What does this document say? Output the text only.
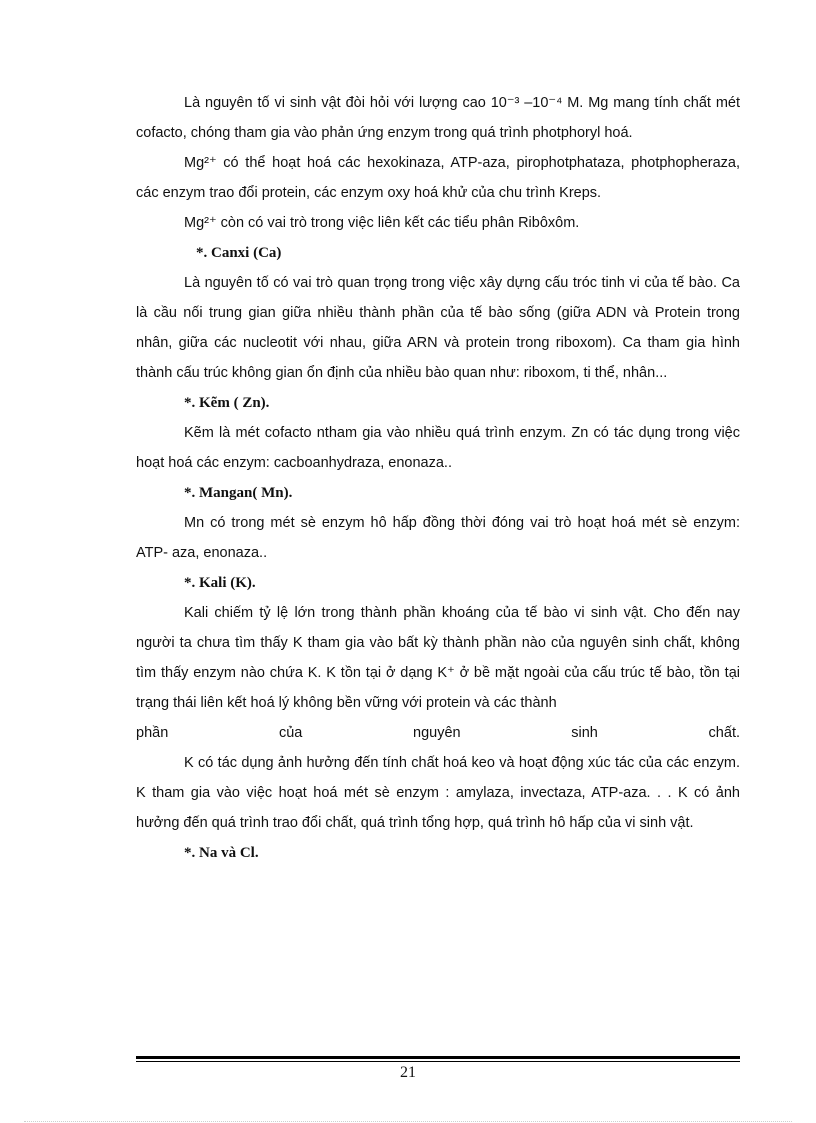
Là nguyên tố vi sinh vật đòi hỏi với lượng cao 10⁻³ –10⁻⁴ M. Mg mang tính chất mét cofacto, chóng tham gia vào phản ứng enzym trong quá trình photphoryl hoá.

Mg²⁺ có thể hoạt hoá các hexokinaza, ATP-aza, pirophotphataza, photphopheraza, các enzym trao đổi protein, các enzym oxy hoá khử của chu trình Kreps.

Mg²⁺ còn có vai trò trong việc liên kết các tiểu phân Ribôxôm.

*. Canxi (Ca)

Là nguyên tố có vai trò quan trọng trong việc xây dựng cấu tróc tinh vi của tế bào. Ca là cầu nối trung gian giữa nhiều thành phần của tế bào sống (giữa ADN và Protein trong nhân, giữa các nucleotit với nhau, giữa ARN và protein trong riboxom). Ca tham gia hình thành cấu trúc không gian ổn định của nhiều bào quan như: riboxom, ti thể, nhân...

*. Kẽm ( Zn).

Kẽm là mét cofacto ntham gia vào nhiều quá trình enzym. Zn có tác dụng trong việc hoạt hoá các enzym: cacboanhydraza, enonaza..

*. Mangan( Mn).

Mn có trong mét sè enzym hô hấp đồng thời đóng vai trò hoạt hoá mét sè enzym: ATP- aza, enonaza..

*. Kali (K).

Kali chiếm tỷ lệ lớn trong thành phần khoáng của tế bào vi sinh vật. Cho đến nay người ta chưa tìm thấy K tham gia vào bất kỳ thành phần nào của nguyên sinh chất, không tìm thấy enzym nào chứa K. K tồn tại ở dạng K⁺ ở bề mặt ngoài của cấu trúc tế bào, tồn tại trạng thái liên kết hoá lý không bền vững với protein và các thành

phần của nguyên sinh chất.

K có tác dụng ảnh hưởng đến tính chất hoá keo và hoạt động xúc tác của các enzym. K tham gia vào việc hoạt hoá mét sè enzym : amylaza, invectaza, ATP-aza. . . K có ảnh hưởng đến quá trình trao đổi chất, quá trình tổng hợp, quá trình hô hấp của vi sinh vật.

*. Na và Cl.

21
